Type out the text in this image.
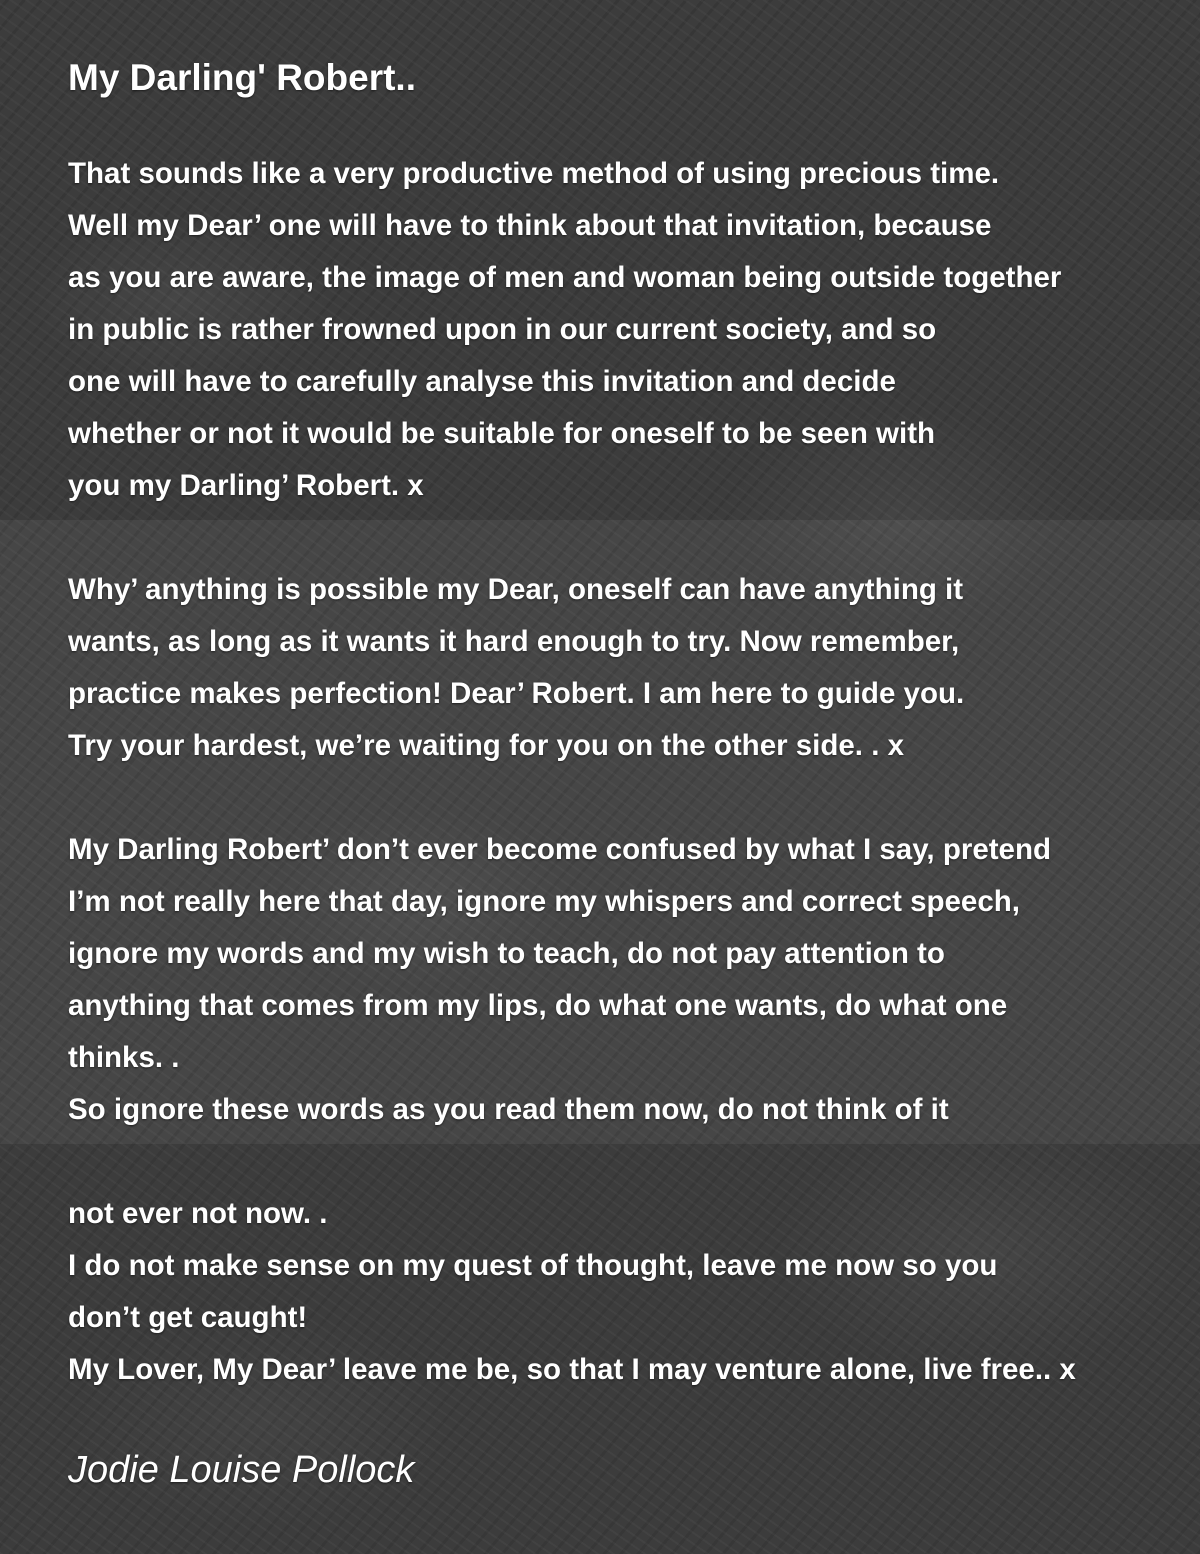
My Darling' Robert..
That sounds like a very productive method of using precious time.
Well my Dear’ one will have to think about that invitation, because
as you are aware, the image of men and woman being outside together
in public is rather frowned upon in our current society, and so
one will have to carefully analyse this invitation and decide
whether or not it would be suitable for oneself to be seen with
you my Darling’ Robert. x
Why’ anything is possible my Dear, oneself can have anything it
wants, as long as it wants it hard enough to try. Now remember,
practice makes perfection! Dear’ Robert. I am here to guide you.
Try your hardest, we’re waiting for you on the other side. . x
My Darling Robert’ don’t ever become confused by what I say, pretend
I’m not really here that day, ignore my whispers and correct speech,
ignore my words and my wish to teach, do not pay attention to
anything that comes from my lips, do what one wants, do what one
thinks. .
So ignore these words as you read them now, do not think of it
not ever not now. .
I do not make sense on my quest of thought, leave me now so you
don’t get caught!
My Lover, My Dear’ leave me be, so that I may venture alone, live free.. x
Jodie Louise Pollock
